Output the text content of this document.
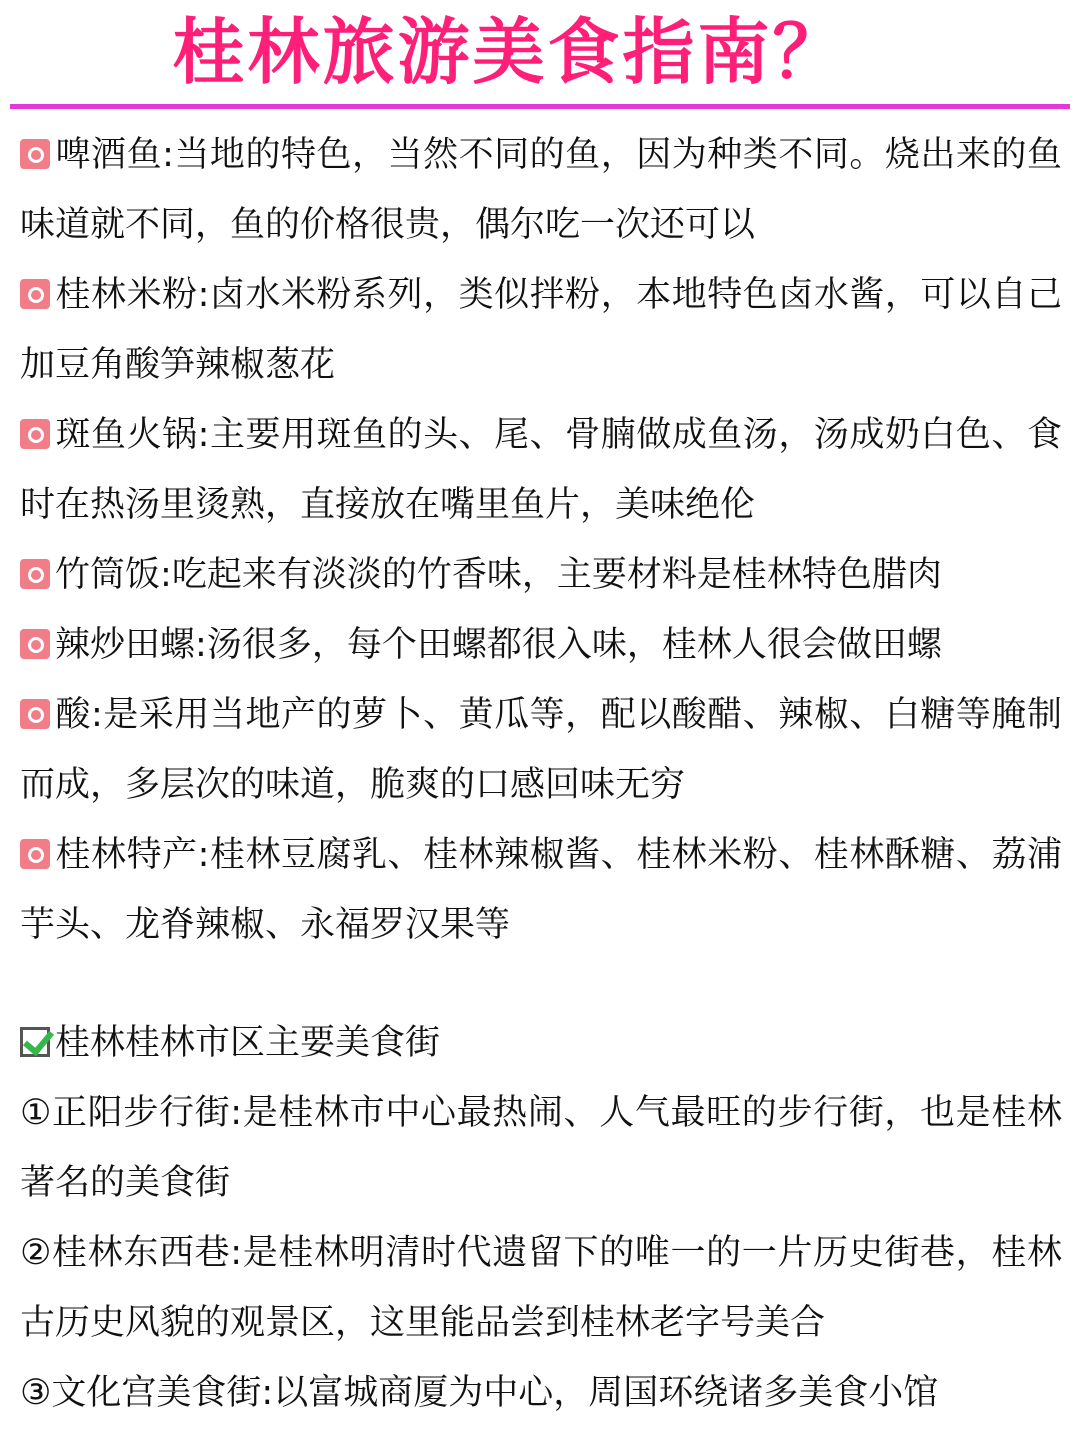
桂林旅游美食指南？

啤酒鱼:当地的特色，当然不同的鱼，因为种类不同。烧出来的鱼味道就不同，鱼的价格很贵，偶尔吃一次还可以

桂林米粉:卤水米粉系列，类似拌粉，本地特色卤水酱，可以自己加豆角酸笋辣椒葱花

斑鱼火锅:主要用斑鱼的头、尾、骨腩做成鱼汤，汤成奶白色、食时在热汤里烫熟，直接放在嘴里鱼片，美味绝伦

竹筒饭:吃起来有淡淡的竹香味，主要材料是桂林特色腊肉

辣炒田螺:汤很多，每个田螺都很入味，桂林人很会做田螺

酸:是采用当地产的萝卜、黄瓜等，配以酸醋、辣椒、白糖等腌制而成，多层次的味道，脆爽的口感回味无穷

桂林特产:桂林豆腐乳、桂林辣椒酱、桂林米粉、桂林酥糖、荔浦芋头、龙脊辣椒、永福罗汉果等

桂林桂林市区主要美食街

①正阳步行街:是桂林市中心最热闹、人气最旺的步行街，也是桂林著名的美食街

②桂林东西巷:是桂林明清时代遗留下的唯一的一片历史街巷，桂林古历史风貌的观景区，这里能品尝到桂林老字号美合

③文化宫美食街:以富城商厦为中心，周国环绕诸多美食小馆
